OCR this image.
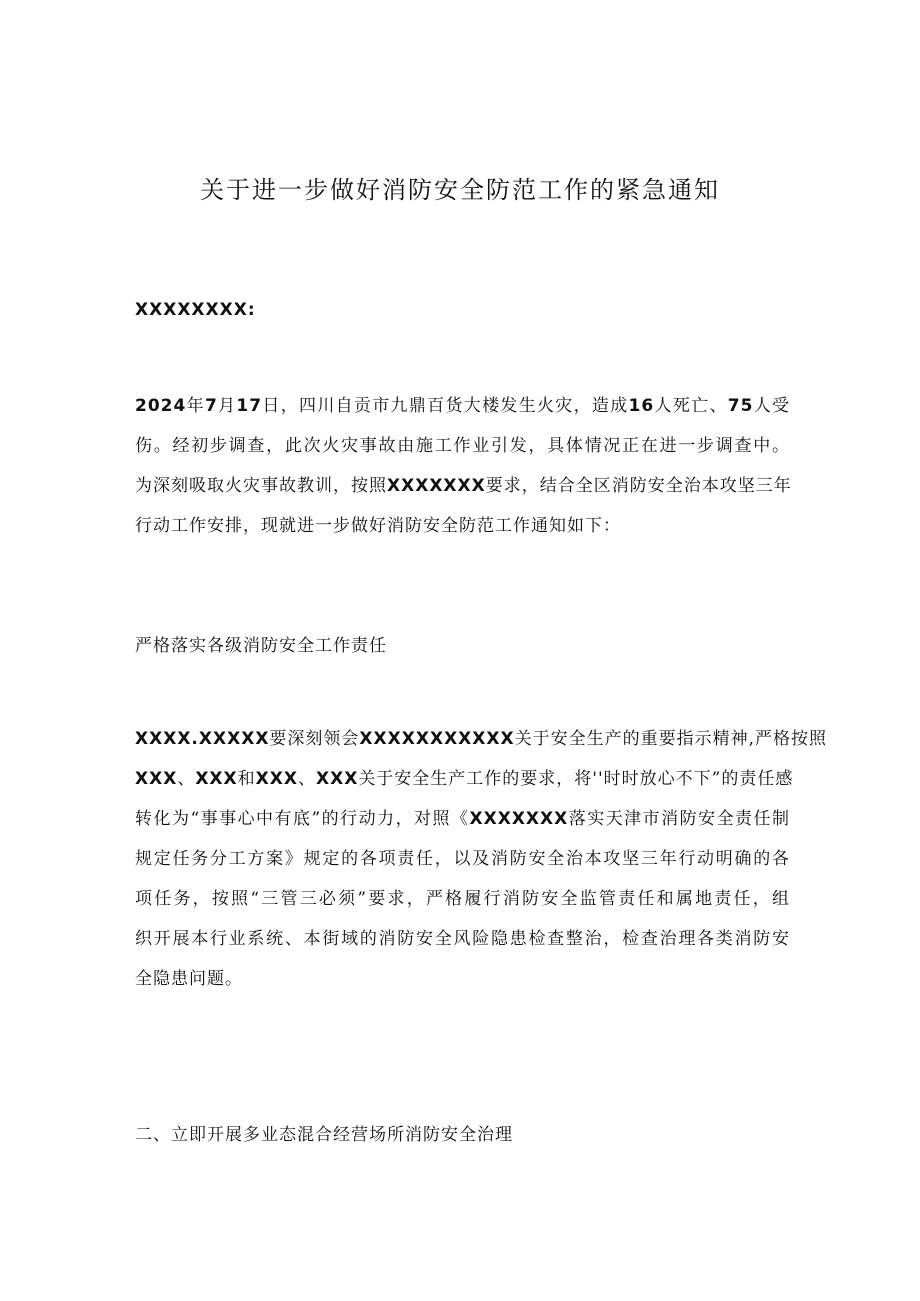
关于进一步做好消防安全防范工作的紧急通知
XXXXXXXX:
2024年7月17日，四川自贡市九鼎百货大楼发生火灾，造成16人死亡、75人受
伤。经初步调查，此次火灾事故由施工作业引发，具体情况正在进一步调查中。
为深刻吸取火灾事故教训，按照XXXXXXX要求，结合全区消防安全治本攻坚三年
行动工作安排，现就进一步做好消防安全防范工作通知如下：
严格落实各级消防安全工作责任
XXXX.XXXXX要深刻领会XXXXXXXXXXX关于安全生产的重要指示精神,严格按照
XXX、XXX和XXX、XXX关于安全生产工作的要求，将''时时放心不下”的责任感
转化为“事事心中有底”的行动力，对照《XXXXXXX落实天津市消防安全责任制
规定任务分工方案》规定的各项责任，以及消防安全治本攻坚三年行动明确的各
项任务，按照“三管三必须”要求，严格履行消防安全监管责任和属地责任，组
织开展本行业系统、本街域的消防安全风险隐患检查整治，检查治理各类消防安
全隐患问题。
二、立即开展多业态混合经营场所消防安全治理
